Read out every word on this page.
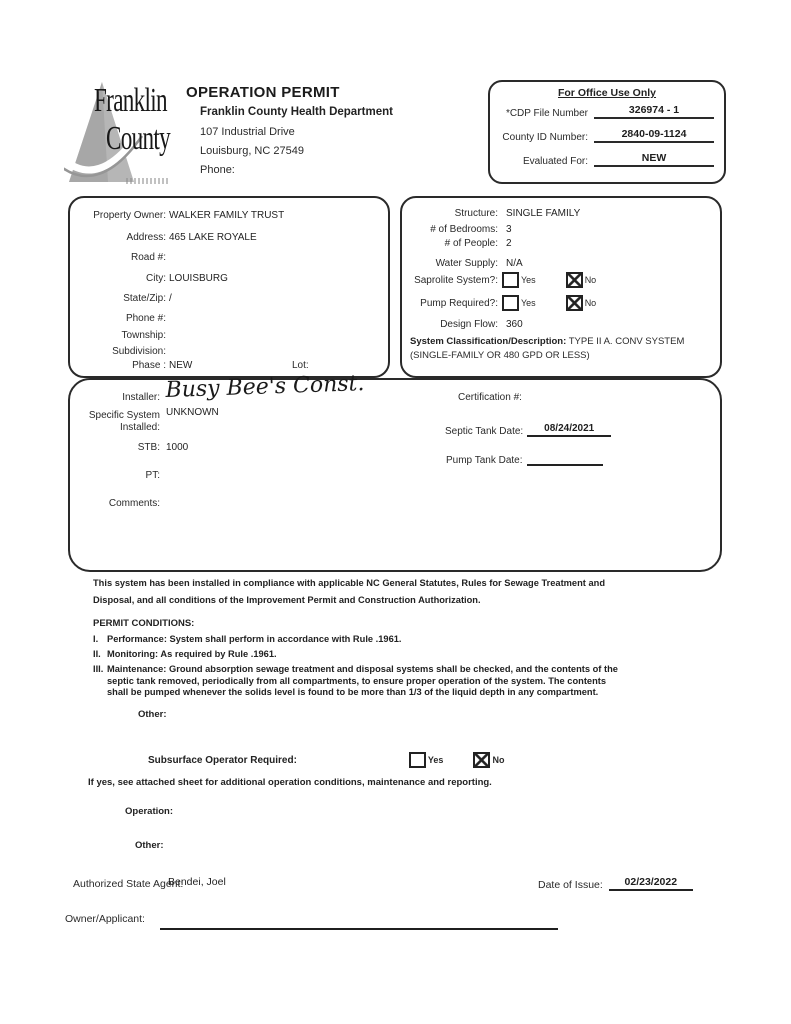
Franklin
County
OPERATION PERMIT
Franklin County Health Department
107 Industrial Drive
Louisburg, NC 27549
Phone:
For Office Use Only
*CDP File Number	326974 - 1
County ID Number:	2840-09-1124
Evaluated For:	NEW
Property Owner: WALKER FAMILY TRUST
Address: 465 LAKE ROYALE
Road #:
City: LOUISBURG
State/Zip: /
Phone #:
Township:
Subdivision:
Phase : NEW	Lot:
Structure: SINGLE FAMILY
# of Bedrooms: 3
# of People: 2
Water Supply: N/A
Saprolite System?:	Yes	No
Pump Required?:	Yes	No
Design Flow: 360
System Classification/Description: TYPE II A. CONV SYSTEM
(SINGLE-FAMILY OR 480 GPD OR LESS)
Installer: Busy Bee's Const.
Specific System
Installed:
UNKNOWN
STB: 1000
PT:
Comments:
Certification #:
Septic Tank Date:	08/24/2021
Pump Tank Date:
This system has been installed in compliance with applicable NC General Statutes, Rules for Sewage Treatment and Disposal, and all conditions of the Improvement Permit and Construction Authorization.
PERMIT CONDITIONS:
I. Performance: System shall perform in accordance with Rule .1961.
II. Monitoring: As required by Rule .1961.
III. Maintenance: Ground absorption sewage treatment and disposal systems shall be checked, and the contents of the septic tank removed, periodically from all compartments, to ensure proper operation of the system. The contents shall be pumped whenever the solids level is found to be more than 1/3 of the liquid depth in any compartment.
Other:
Subsurface Operator Required:	Yes	No
If yes, see attached sheet for additional operation conditions, maintenance and reporting.
Operation:
Other:
Authorized State Agent:
Bendei, Joel	Date of Issue:	02/23/2022
Owner/Applicant:
